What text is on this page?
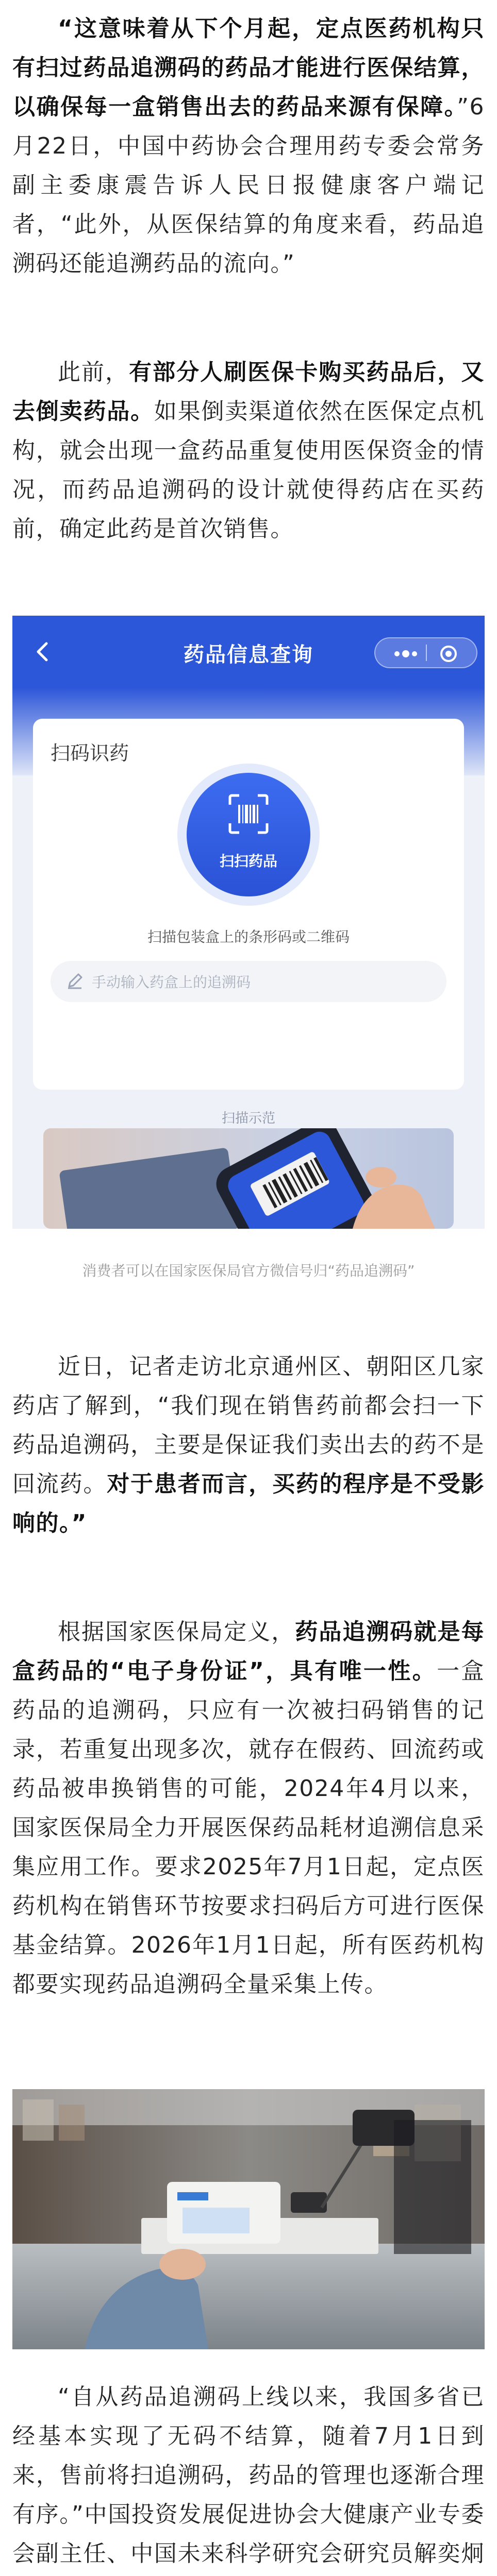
“这意味着从下个月起，定点医药机构只有扫过药品追溯码的药品才能进行医保结算，以确保每一盒销售出去的药品来源有保障。”6月22日，中国中药协会合理用药专委会常务副主委康震告诉人民日报健康客户端记者，“此外，从医保结算的角度来看，药品追溯码还能追溯药品的流向。”

此前，有部分人刷医保卡购买药品后，又去倒卖药品。如果倒卖渠道依然在医保定点机构，就会出现一盒药品重复使用医保资金的情况，而药品追溯码的设计就使得药店在买药前，确定此药是首次销售。

药品信息查询
扫码识药
扫扫药品
扫描包装盒上的条形码或二维码
手动输入药盒上的追溯码
扫描示范
消费者可以在国家医保局官方微信号归“药品追溯码”

近日，记者走访北京通州区、朝阳区几家药店了解到，“我们现在销售药前都会扫一下药品追溯码，主要是保证我们卖出去的药不是回流药。对于患者而言，买药的程序是不受影响的。”

根据国家医保局定义，药品追溯码就是每盒药品的“电子身份证”，具有唯一性。一盒药品的追溯码，只应有一次被扫码销售的记录，若重复出现多次，就存在假药、回流药或药品被串换销售的可能，2024年4月以来，国家医保局全力开展医保药品耗材追溯信息采集应用工作。要求2025年7月1日起，定点医药机构在销售环节按要求扫码后方可进行医保基金结算。2026年1月1日起，所有医药机构都要实现药品追溯码全量采集上传。

“自从药品追溯码上线以来，我国多省已经基本实现了无码不结算，随着7月1日到来，售前将扫追溯码，药品的管理也逐渐合理有序。”中国投资发展促进协会大健康产业专委会副主任、中国未来科学研究会研究员解奕炯
